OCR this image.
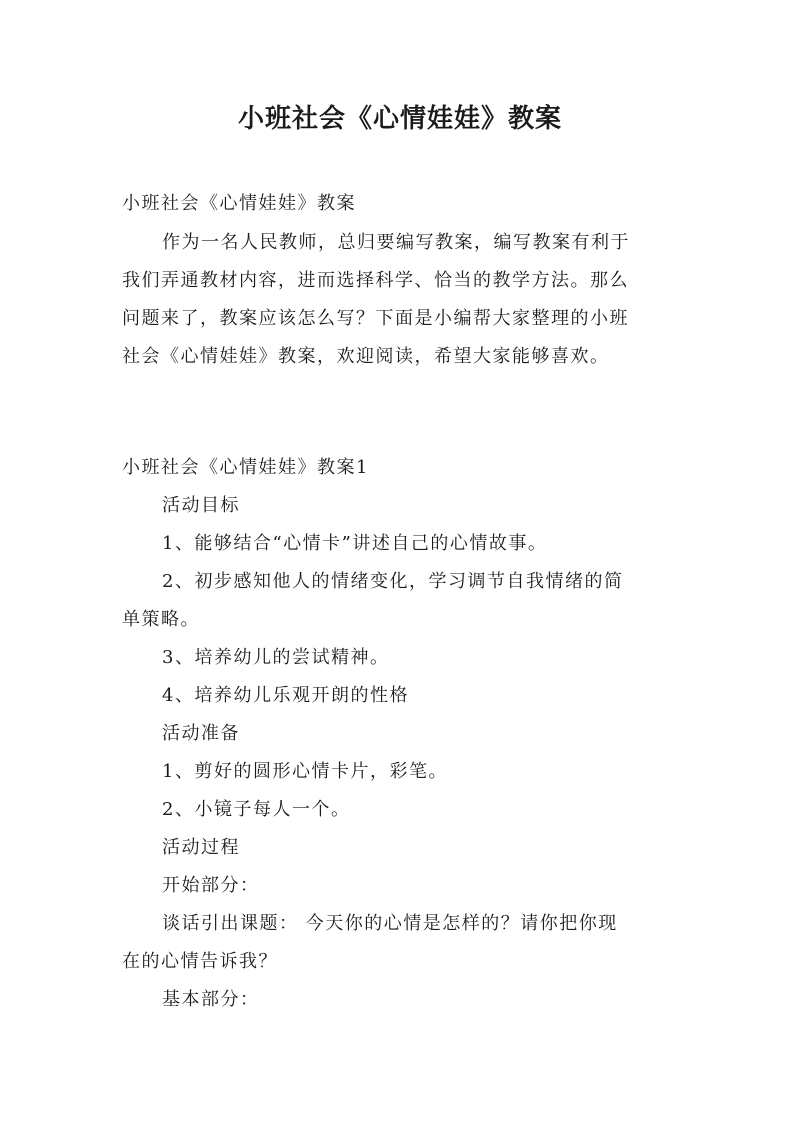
小班社会《心情娃娃》教案
小班社会《心情娃娃》教案
作为一名人民教师，总归要编写教案，编写教案有利于
我们弄通教材内容，进而选择科学、恰当的教学方法。那么
问题来了，教案应该怎么写？下面是小编帮大家整理的小班
社会《心情娃娃》教案，欢迎阅读，希望大家能够喜欢。
小班社会《心情娃娃》教案1
活动目标
1、能够结合“心情卡”讲述自己的心情故事。
2、初步感知他人的情绪变化，学习调节自我情绪的简
单策略。
3、培养幼儿的尝试精神。
4、培养幼儿乐观开朗的性格
活动准备
1、剪好的圆形心情卡片，彩笔。
2、小镜子每人一个。
活动过程
开始部分：
谈话引出课题： 今天你的心情是怎样的？请你把你现
在的心情告诉我？
基本部分：
